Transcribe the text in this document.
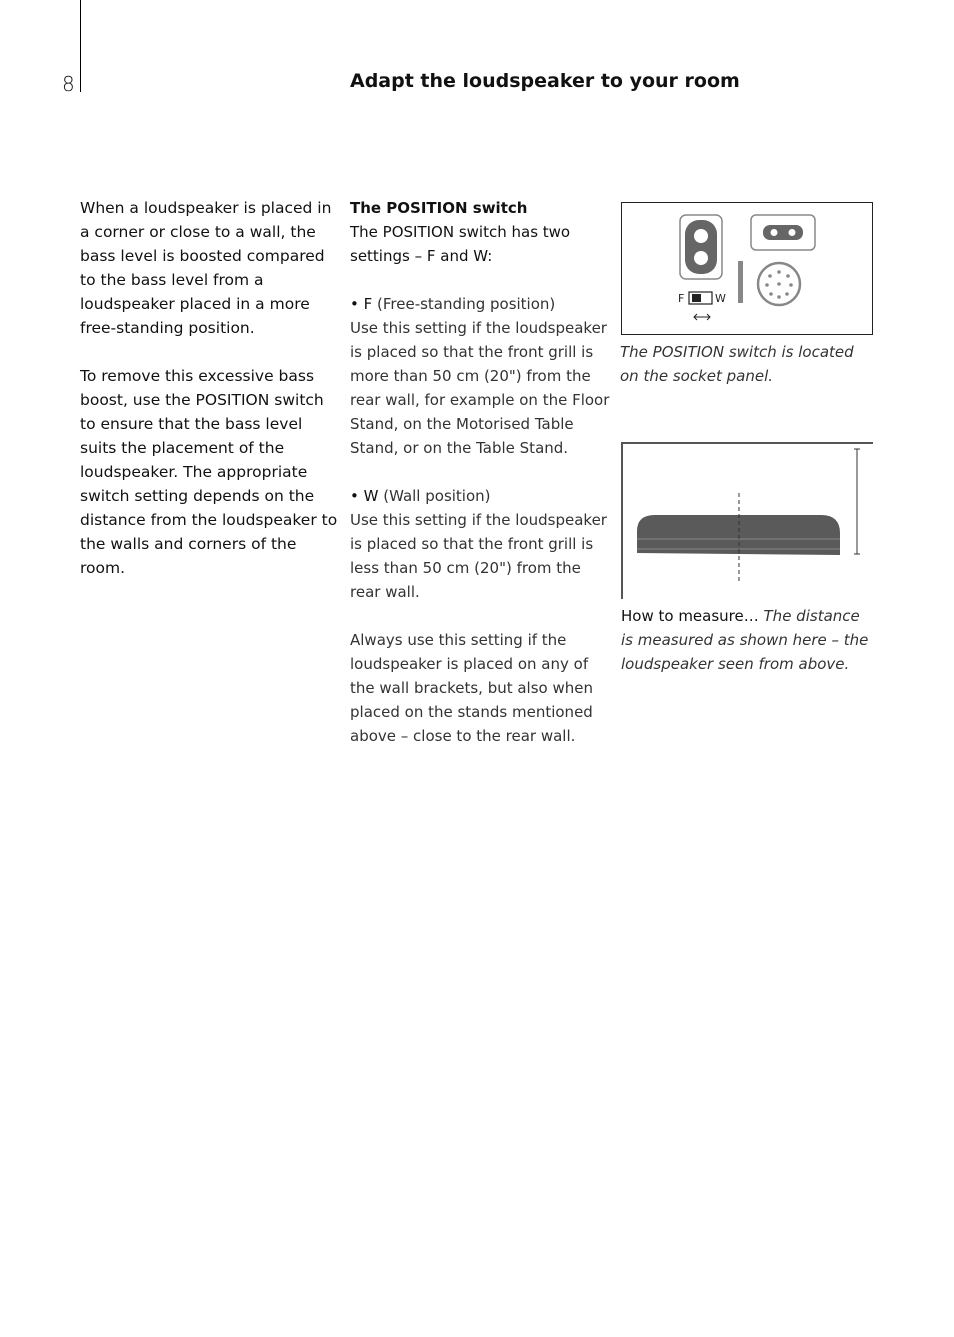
8	Adapt the loudspeaker to your room

When a loudspeaker is placed in a corner or close to a wall, the bass level is boosted compared to the bass level from a loudspeaker placed in a more free-standing position.

To remove this excessive bass boost, use the POSITION switch to ensure that the bass level suits the placement of the loudspeaker. The appropriate switch setting depends on the distance from the loudspeaker to the walls and corners of the room.

The POSITION switch

The POSITION switch has two settings – F and W:

• F (Free-standing position)

Use this setting if the loudspeaker is placed so that the front grill is more than 50 cm (20") from the rear wall, for example on the Floor Stand, on the Motorised Table Stand, or on the Table Stand.

• W (Wall position)

Use this setting if the loudspeaker is placed so that the front grill is less than 50 cm (20") from the rear wall.

Always use this setting if the loudspeaker is placed on any of the wall brackets, but also when placed on the stands mentioned above – close to the rear wall.

F	W

The POSITION switch is located on the socket panel.

How to measure… The distance is measured as shown here – the loudspeaker seen from above.
